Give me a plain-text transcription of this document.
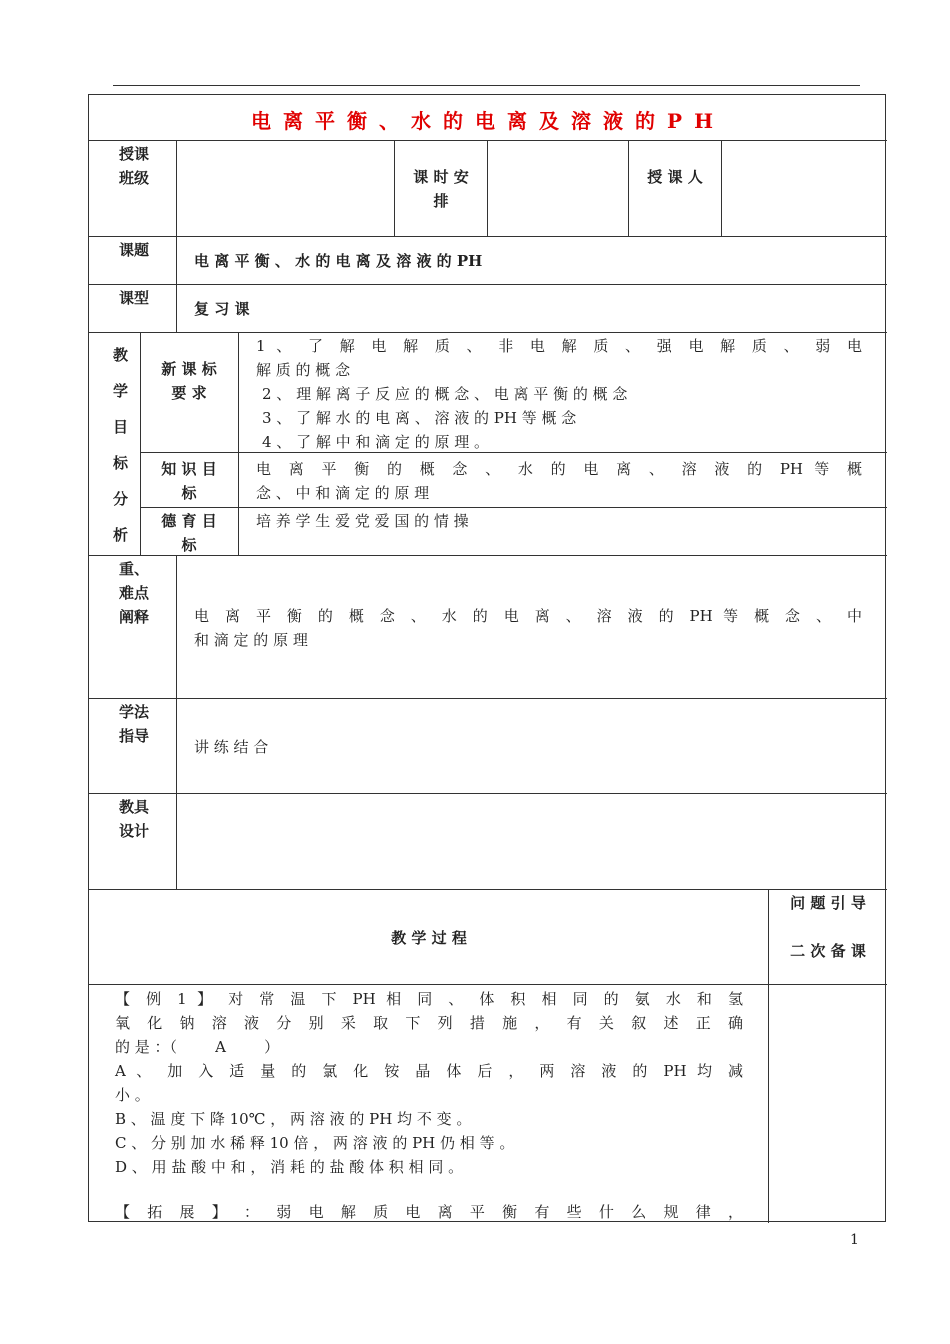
电离平衡、水的电离及溶液的PH
授课班级	课 时 安 排
授 课 人
课题
电 离 平 衡 、 水 的 电 离 及 溶 液 的 PH
课型
复 习 课
教学目标分析
新 课 标 要 求
1 、 了 解 电 解 质 、 非 电 解 质 、 强 电 解 质 、 弱 电
解 质 的 概 念
2 、 理 解 离 子 反 应 的 概 念 、 电 离 平 衡 的 概 念
3 、 了 解 水 的 电 离 、 溶 液 的 PH 等 概 念
4 、 了 解 中 和 滴 定 的 原 理 。
知 识 目 标
电 离 平 衡 的 概 念 、 水 的 电 离 、 溶 液 的 PH 等 概
念 、 中 和 滴 定 的 原 理
德 育 目 标
培 养 学 生 爱 党 爱 国 的 情 操
重、难点阐释	电 离 平 衡 的 概 念 、 水 的 电 离 、 溶 液 的 PH 等 概 念 、 中
和 滴 定 的 原 理
学法指导
讲 练 结 合
教具设计
教 学 过 程
问 题 引 导
二 次 备 课
【 例 1 】 对 常 温 下 PH 相 同 、 体 积 相 同 的 氨 水 和 氢
氧 化 钠 溶 液 分 别 采 取 下 列 措 施 ， 有 关 叙 述 正 确
的 是 ：（        A        ）
A 、 加 入 适 量 的 氯 化 铵 晶 体 后 ， 两 溶 液 的 PH 均 减
小 。
B 、 温 度 下 降 10℃ ， 两 溶 液 的 PH 均 不 变 。
C 、 分 别 加 水 稀 释 10 倍 ， 两 溶 液 的 PH 仍 相 等 。
D 、 用 盐 酸 中 和 ， 消 耗 的 盐 酸 体 积 相 同 。
【 拓 展 】 ： 弱 电 解 质 电 离 平 衡 有 些 什 么 规 律 ，
1
